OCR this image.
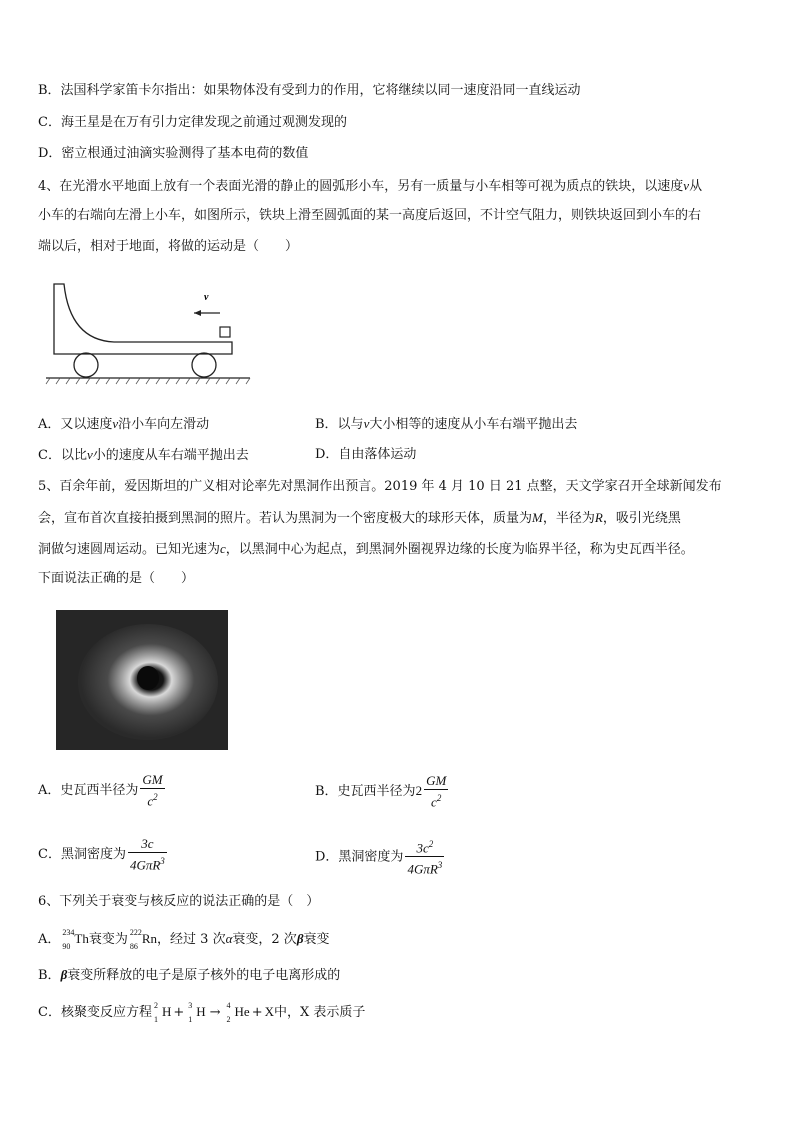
B．法国科学家笛卡尔指出：如果物体没有受到力的作用，它将继续以同一速度沿同一直线运动
C．海王星是在万有引力定律发现之前通过观测发现的
D．密立根通过油滴实验测得了基本电荷的数值
4、在光滑水平地面上放有一个表面光滑的静止的圆弧形小车，另有一质量与小车相等可视为质点的铁块，以速度v从
小车的右端向左滑上小车，如图所示，铁块上滑至圆弧面的某一高度后返回，不计空气阻力，则铁块返回到小车的右
端以后，相对于地面，将做的运动是（　　）
v
A．又以速度v沿小车向左滑动	B．以与v大小相等的速度从小车右端平抛出去
C．以比v小的速度从车右端平抛出去	D．自由落体运动
5、百余年前，爱因斯坦的广义相对论率先对黑洞作出预言。2019 年 4 月 10 日 21 点整，天文学家召开全球新闻发布
会，宣布首次直接拍摄到黑洞的照片。若认为黑洞为一个密度极大的球形天体，质量为M，半径为R，吸引光绕黑
洞做匀速圆周运动。已知光速为c，以黑洞中心为起点，到黑洞外圈视界边缘的长度为临界半径，称为史瓦西半径。
下面说法正确的是（　　）
A．史瓦西半径为 $\frac{GM}{c^2}$	B．史瓦西半径为$2 \frac{GM}{c^2}$
C．黑洞密度为 $\frac{3c}{4G\pi R^3}$	D．黑洞密度为 $\frac{3c^2}{4G\pi R^3}$
6、下列关于衰变与核反应的说法正确的是（　）
A． 234
90
Th衰变为 222
86
Rn，经过 3 次α衰变，2 次β衰变
B．β衰变所释放的电子是原子核外的电子电离形成的
C．核聚变反应方程 2
1
H + 3
1
H → 4
2
He + X中，X 表示质子
